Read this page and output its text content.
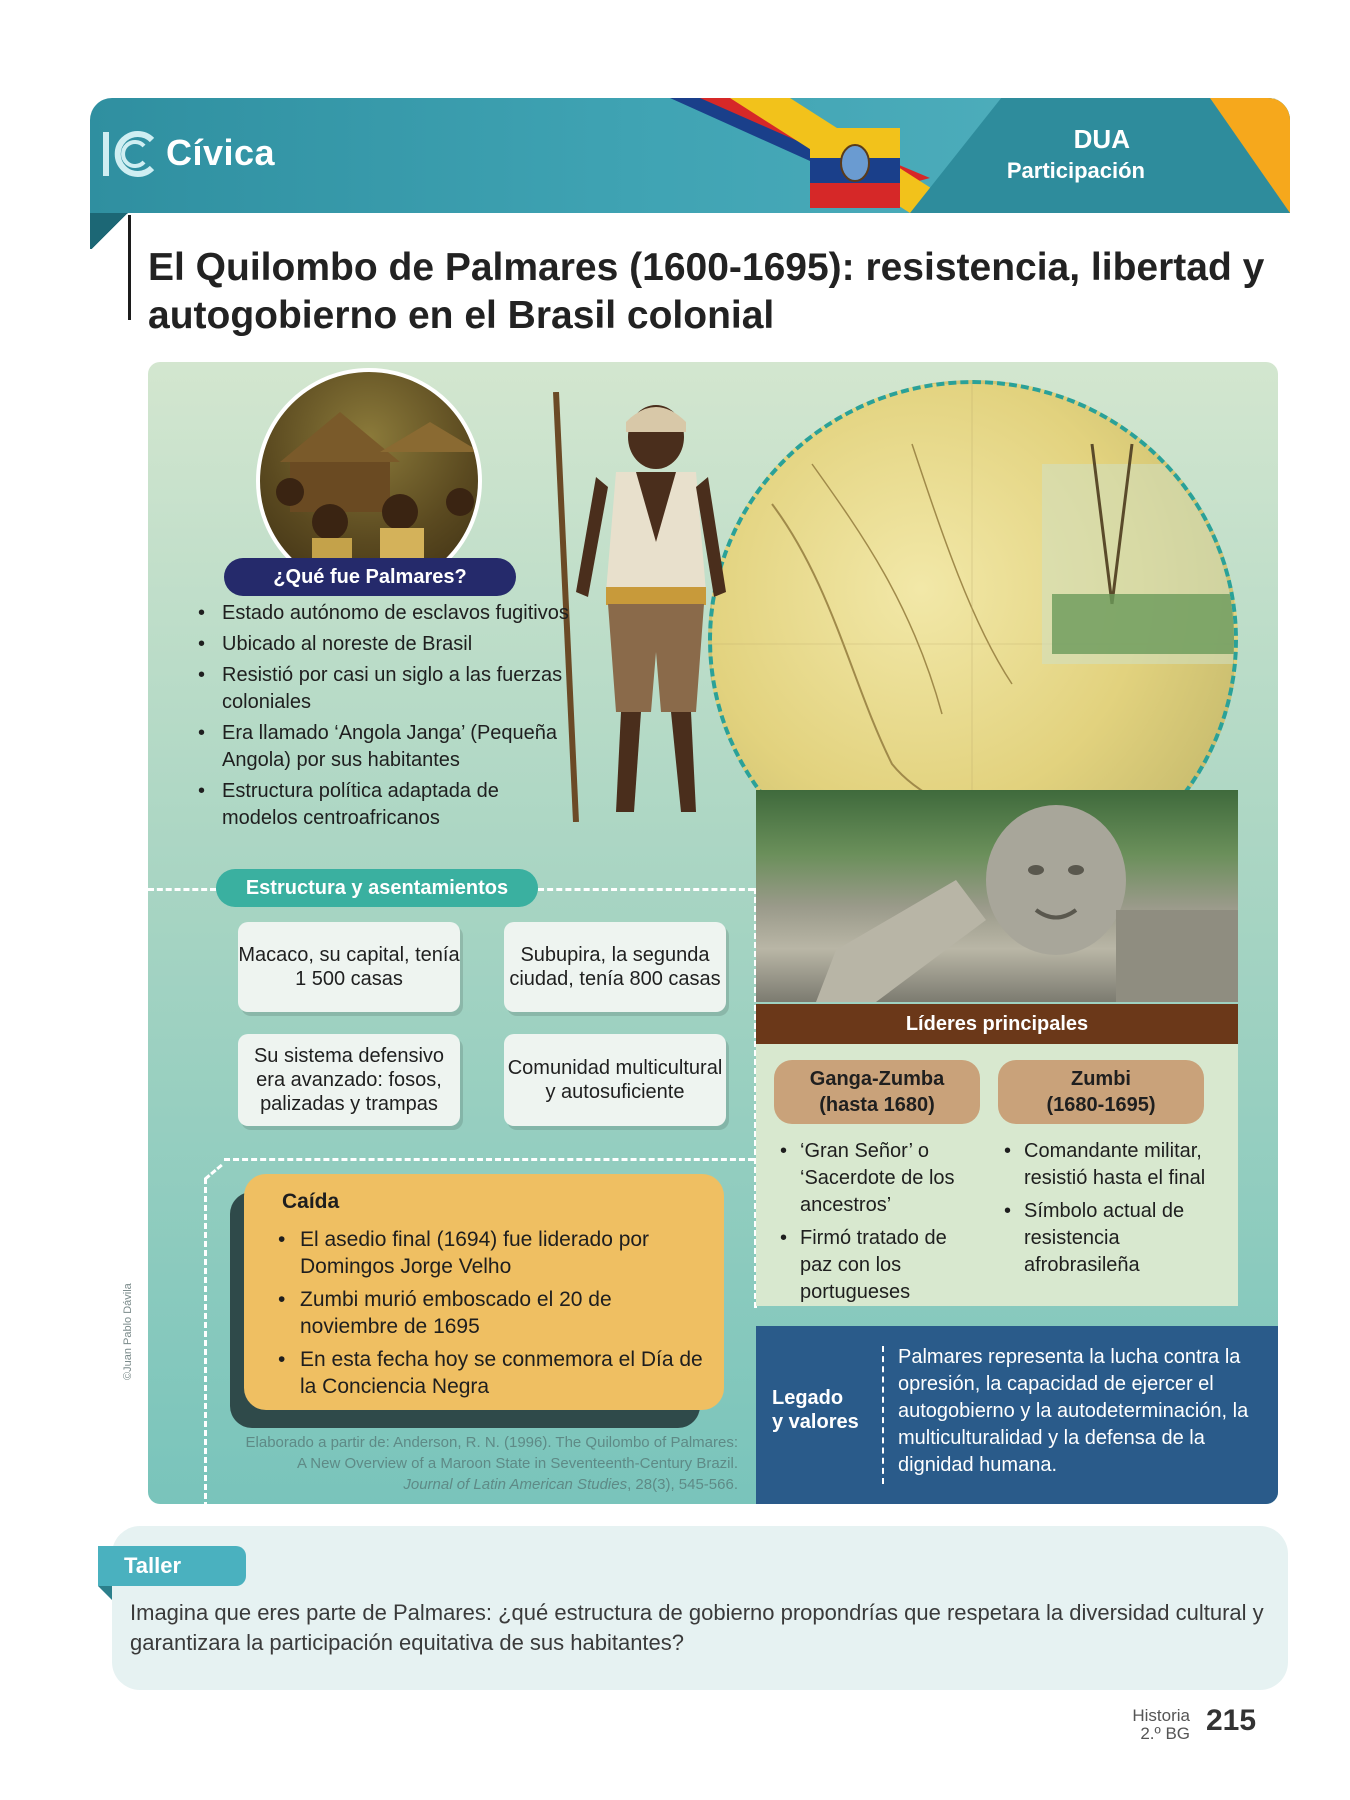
Cívica	DUA
Participación
El Quilombo de Palmares (1600-1695): resistencia, libertad y autogobierno en el Brasil colonial
¿Qué fue Palmares?
• Estado autónomo de esclavos fugitivos
• Ubicado al noreste de Brasil
• Resistió por casi un siglo a las fuerzas coloniales
• Era llamado ‘Angola Janga’ (Pequeña Angola) por sus habitantes
• Estructura política adaptada de modelos centroafricanos
Estructura y asentamientos
Macaco, su capital, tenía 1 500 casas
Subupira, la segunda ciudad, tenía 800 casas
Su sistema defensivo era avanzado: fosos, palizadas y trampas
Comunidad multicultural y autosuficiente
Caída
• El asedio final (1694) fue liderado por Domingos Jorge Velho
• Zumbi murió emboscado el 20 de noviembre de 1695
• En esta fecha hoy se conmemora el Día de la Conciencia Negra
Elaborado a partir de: Anderson, R. N. (1996). The Quilombo of Palmares:
A New Overview of a Maroon State in Seventeenth-Century Brazil.
Journal of Latin American Studies, 28(3), 545-566.
Líderes principales
Ganga-Zumba
(hasta 1680)
Zumbi
(1680-1695)
• ‘Gran Señor’ o ‘Sacerdote de los ancestros’
• Firmó tratado de paz con los portugueses
• Comandante militar, resistió hasta el final
• Símbolo actual de resistencia afrobrasileña
Legado
y valores
Palmares representa la lucha contra la opresión, la capacidad de ejercer el autogobierno y la autodeterminación, la multiculturalidad y la defensa de la dignidad humana.
©Juan Pablo Dávila
Taller
Imagina que eres parte de Palmares: ¿qué estructura de gobierno propondrías que respetara la diversidad cultural y garantizara la participación equitativa de sus habitantes?
Historia
2.º BG 215
